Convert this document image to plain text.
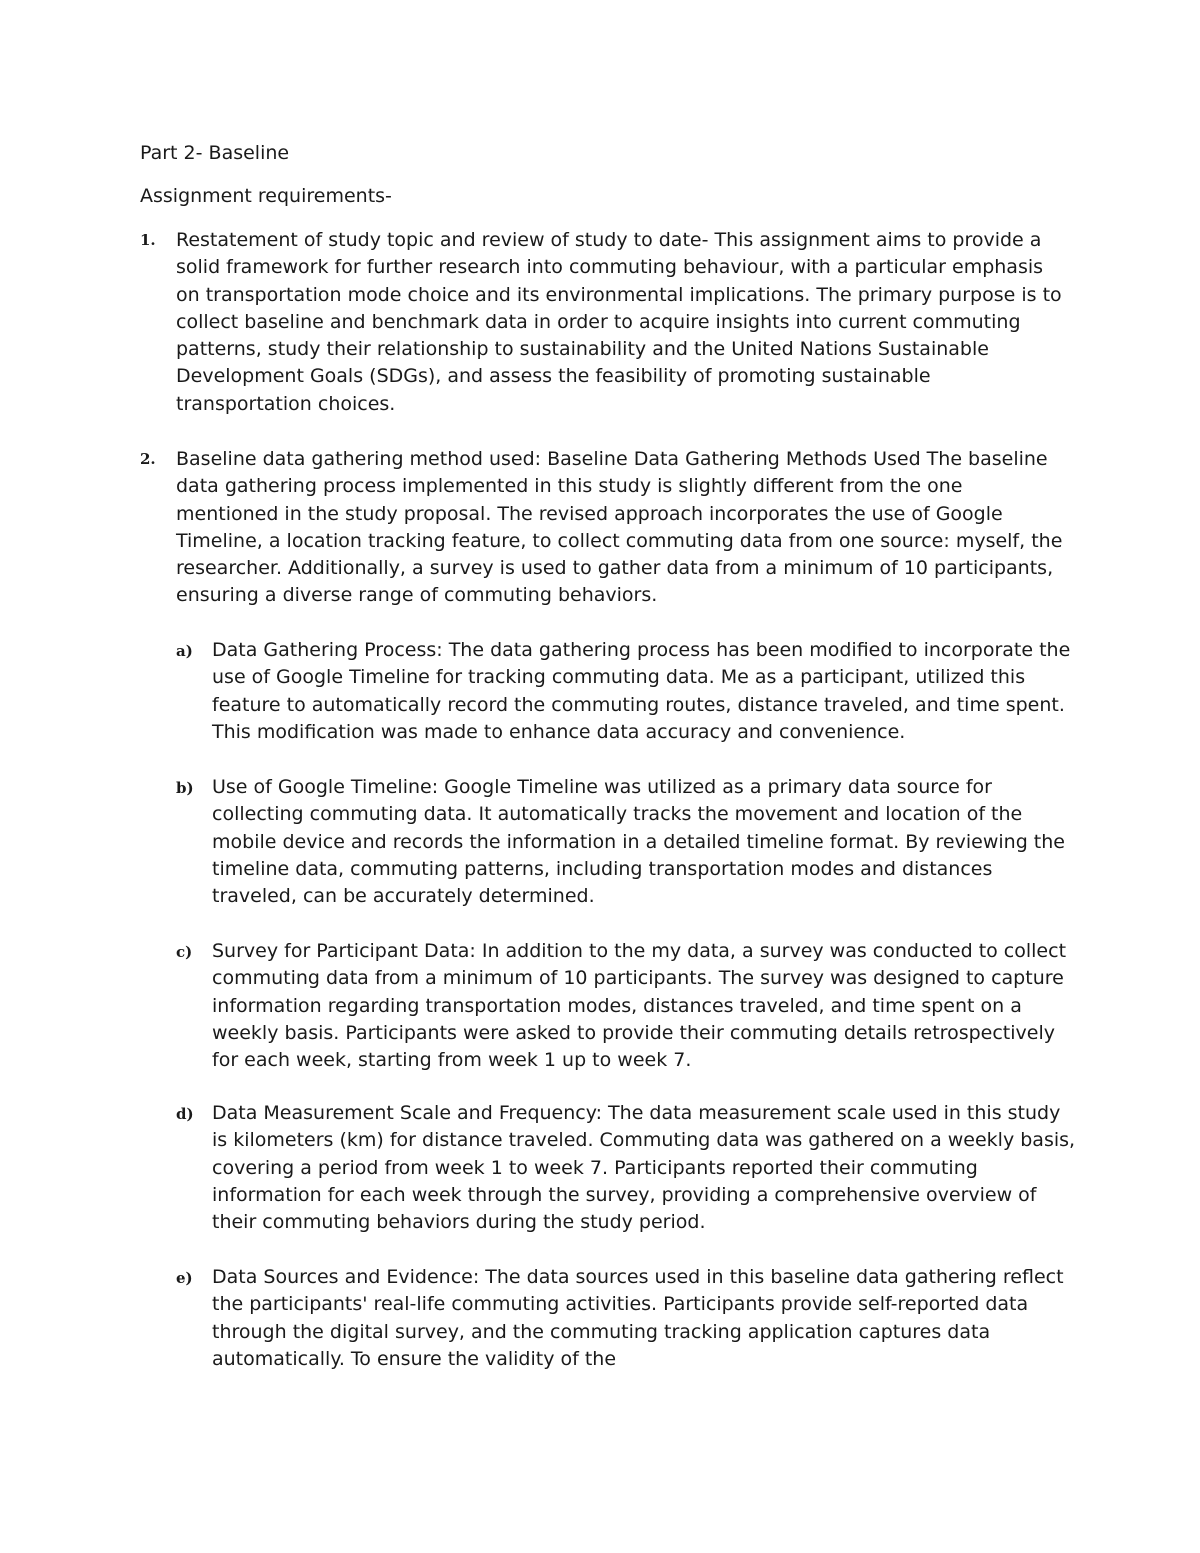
Part 2- Baseline
Assignment requirements-
1. Restatement of study topic and review of study to date- This assignment aims to provide a solid framework for further research into commuting behaviour, with a particular emphasis on transportation mode choice and its environmental implications. The primary purpose is to collect baseline and benchmark data in order to acquire insights into current commuting patterns, study their relationship to sustainability and the United Nations Sustainable Development Goals (SDGs), and assess the feasibility of promoting sustainable transportation choices.
2. Baseline data gathering method used: Baseline Data Gathering Methods Used The baseline data gathering process implemented in this study is slightly different from the one mentioned in the study proposal. The revised approach incorporates the use of Google Timeline, a location tracking feature, to collect commuting data from one source: myself, the researcher. Additionally, a survey is used to gather data from a minimum of 10 participants, ensuring a diverse range of commuting behaviors.
a) Data Gathering Process: The data gathering process has been modified to incorporate the use of Google Timeline for tracking commuting data. Me as a participant, utilized this feature to automatically record the commuting routes, distance traveled, and time spent. This modification was made to enhance data accuracy and convenience.
b) Use of Google Timeline: Google Timeline was utilized as a primary data source for collecting commuting data. It automatically tracks the movement and location of the mobile device and records the information in a detailed timeline format. By reviewing the timeline data, commuting patterns, including transportation modes and distances traveled, can be accurately determined.
c) Survey for Participant Data: In addition to the my data, a survey was conducted to collect commuting data from a minimum of 10 participants. The survey was designed to capture information regarding transportation modes, distances traveled, and time spent on a weekly basis. Participants were asked to provide their commuting details retrospectively for each week, starting from week 1 up to week 7.
d) Data Measurement Scale and Frequency: The data measurement scale used in this study is kilometers (km) for distance traveled. Commuting data was gathered on a weekly basis, covering a period from week 1 to week 7. Participants reported their commuting information for each week through the survey, providing a comprehensive overview of their commuting behaviors during the study period.
e) Data Sources and Evidence: The data sources used in this baseline data gathering reflect the participants' real-life commuting activities. Participants provide self-reported data through the digital survey, and the commuting tracking application captures data automatically. To ensure the validity of the
